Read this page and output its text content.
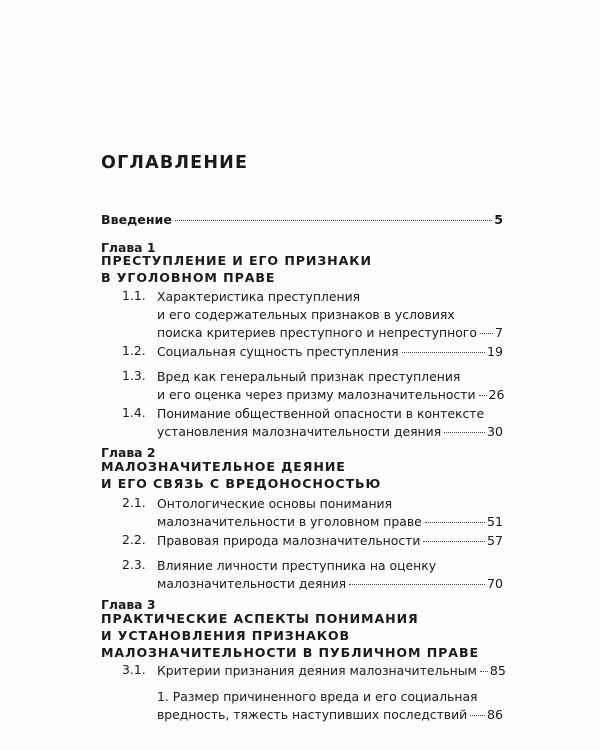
ОГЛАВЛЕНИЕ
Введение	5
Глава 1
ПРЕСТУПЛЕНИЕ И ЕГО ПРИЗНАКИ
В УГОЛОВНОМ ПРАВЕ
1.1. Характеристика преступления
и его содержательных признаков в условиях
поиска критериев преступного и непреступного 7
1.2. Социальная сущность преступления	19
1.3. Вред как генеральный признак преступления
и его оценка через призму малозначительности 26
1.4. Понимание общественной опасности в контексте
установления малозначительности деяния	30
Глава 2
МАЛОЗНАЧИТЕЛЬНОЕ ДЕЯНИЕ
И ЕГО СВЯЗЬ С ВРЕДОНОСНОСТЬЮ
2.1. Онтологические основы понимания
малозначительности в уголовном праве	51
2.2. Правовая природа малозначительности	57
2.3. Влияние личности преступника на оценку
малозначительности деяния	70
Глава 3
ПРАКТИЧЕСКИЕ АСПЕКТЫ ПОНИМАНИЯ
И УСТАНОВЛЕНИЯ ПРИЗНАКОВ
МАЛОЗНАЧИТЕЛЬНОСТИ В ПУБЛИЧНОМ ПРАВЕ
3.1. Критерии признания деяния малозначительным 85
1. Размер причиненного вреда и его социальная
вредность, тяжесть наступивших последствий 86
